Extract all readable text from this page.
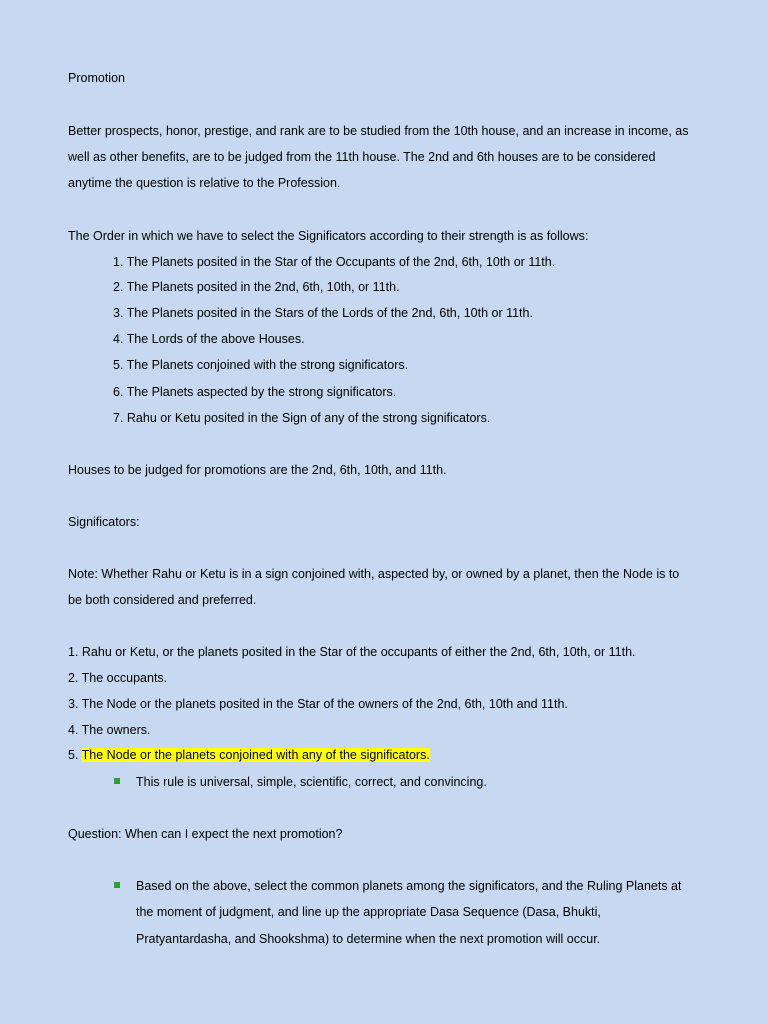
Promotion
Better prospects, honor, prestige, and rank are to be studied from the 10th house, and an increase in income, as
well as other benefits, are to be judged from the 11th house. The 2nd and 6th houses are to be considered
anytime the question is relative to the Profession.
The Order in which we have to select the Significators according to their strength is as follows:
1. The Planets posited in the Star of the Occupants of the 2nd, 6th, 10th or 11th.
2. The Planets posited in the 2nd, 6th, 10th, or 11th.
3. The Planets posited in the Stars of the Lords of the 2nd, 6th, 10th or 11th.
4. The Lords of the above Houses.
5. The Planets conjoined with the strong significators.
6. The Planets aspected by the strong significators.
7. Rahu or Ketu posited in the Sign of any of the strong significators.
Houses to be judged for promotions are the 2nd, 6th, 10th, and 11th.
Significators:
Note: Whether Rahu or Ketu is in a sign conjoined with, aspected by, or owned by a planet, then the Node is to
be both considered and preferred.
1. Rahu or Ketu, or the planets posited in the Star of the occupants of either the 2nd, 6th, 10th, or 11th.
2. The occupants.
3. The Node or the planets posited in the Star of the owners of the 2nd, 6th, 10th and 11th.
4. The owners.
5. The Node or the planets conjoined with any of the significators.
This rule is universal, simple, scientific, correct, and convincing.
Question: When can I expect the next promotion?
Based on the above, select the common planets among the significators, and the Ruling Planets at
the moment of judgment, and line up the appropriate Dasa Sequence (Dasa, Bhukti,
Pratyantardasha, and Shookshma) to determine when the next promotion will occur.
